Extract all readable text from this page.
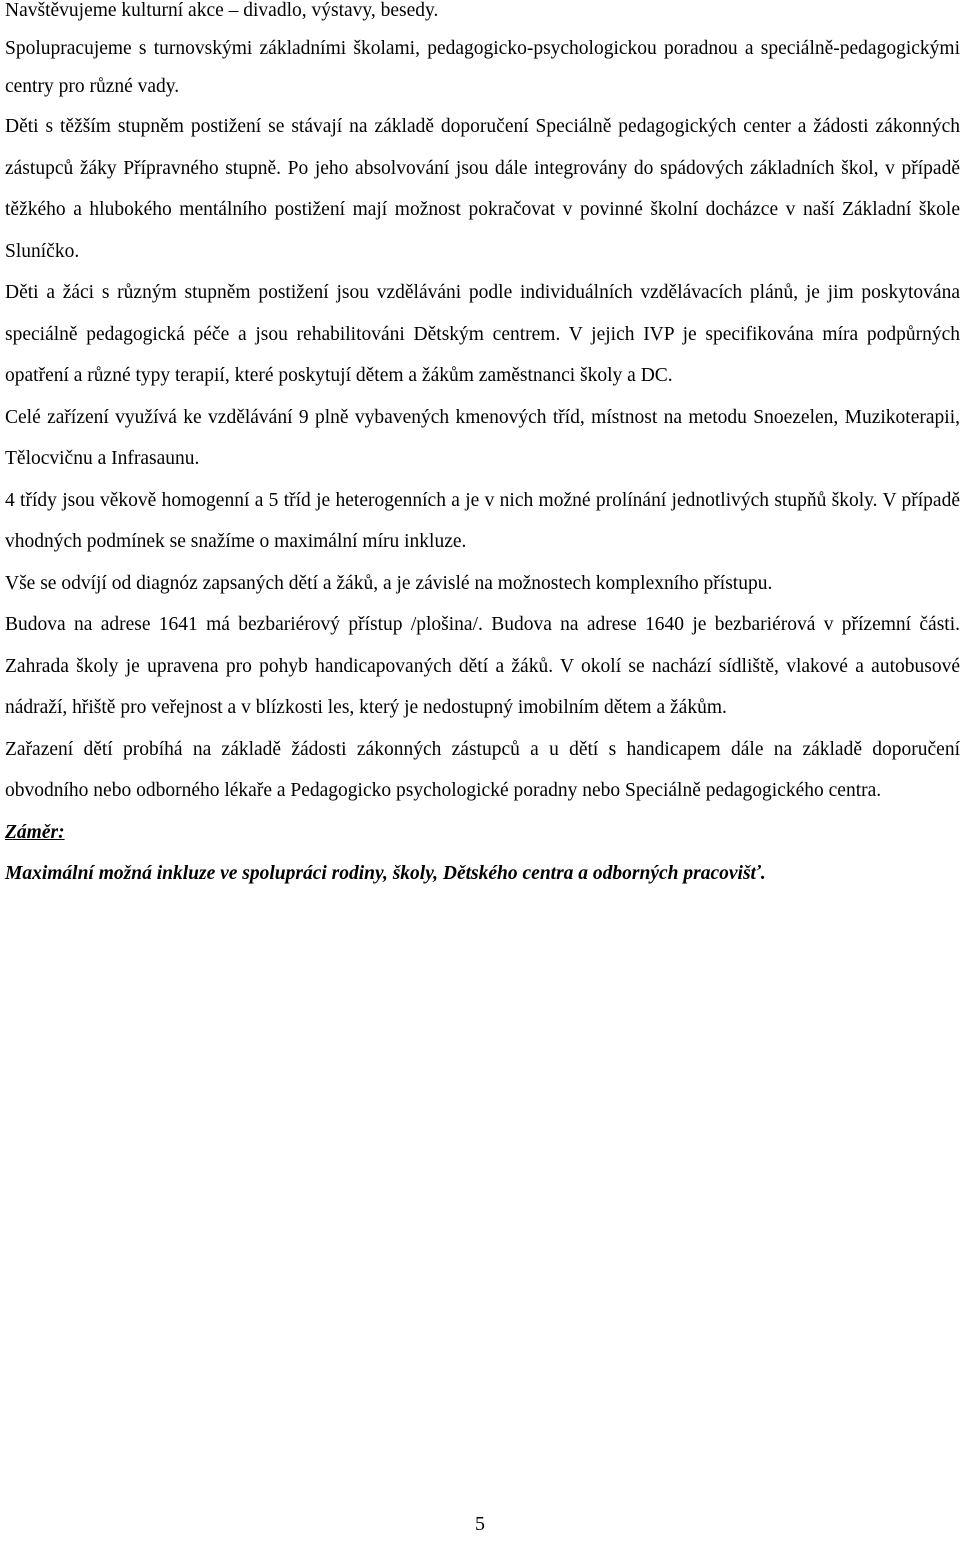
Navštěvujeme kulturní akce – divadlo, výstavy, besedy.

Spolupracujeme s turnovskými základními školami, pedagogicko-psychologickou poradnou a speciálně-pedagogickými centry pro různé vady.

Děti s těžším stupněm postižení se stávají na základě doporučení Speciálně pedagogických center a žádosti zákonných zástupců žáky Přípravného stupně. Po jeho absolvování jsou dále integrovány do spádových základních škol, v případě těžkého a hlubokého mentálního postižení mají možnost pokračovat v povinné školní docházce v naší Základní škole Sluníčko.

Děti a žáci s různým stupněm postižení jsou vzděláváni podle individuálních vzdělávacích plánů, je jim poskytována speciálně pedagogická péče a jsou rehabilitováni Dětským centrem. V jejich IVP je specifikována míra podpůrných opatření a různé typy terapií, které poskytují dětem a žákům zaměstnanci školy a DC.

Celé zařízení využívá ke vzdělávání 9 plně vybavených kmenových tříd, místnost na metodu Snoezelen, Muzikoterapii, Tělocvičnu a Infrasaunu.

4 třídy jsou věkově homogenní a 5 tříd je heterogenních a je v nich možné prolínání jednotlivých stupňů školy. V případě vhodných podmínek se snažíme o maximální míru inkluze.

Vše se odvíjí od diagnóz zapsaných dětí a žáků, a je závislé na možnostech komplexního přístupu.

Budova na adrese 1641 má bezbariérový přístup /plošina/. Budova na adrese 1640 je bezbariérová v přízemní části. Zahrada školy je upravena pro pohyb handicapovaných dětí a žáků. V okolí se nachází sídliště, vlakové a autobusové nádraží, hřiště pro veřejnost a v blízkosti les, který je nedostupný imobilním dětem a žákům.

Zařazení dětí probíhá na základě žádosti zákonných zástupců a u dětí s handicapem dále na základě doporučení obvodního nebo odborného lékaře a Pedagogicko psychologické poradny nebo Speciálně pedagogického centra.

Záměr:

Maximální možná inkluze ve spolupráci rodiny, školy, Dětského centra a odborných pracovišť.

5
